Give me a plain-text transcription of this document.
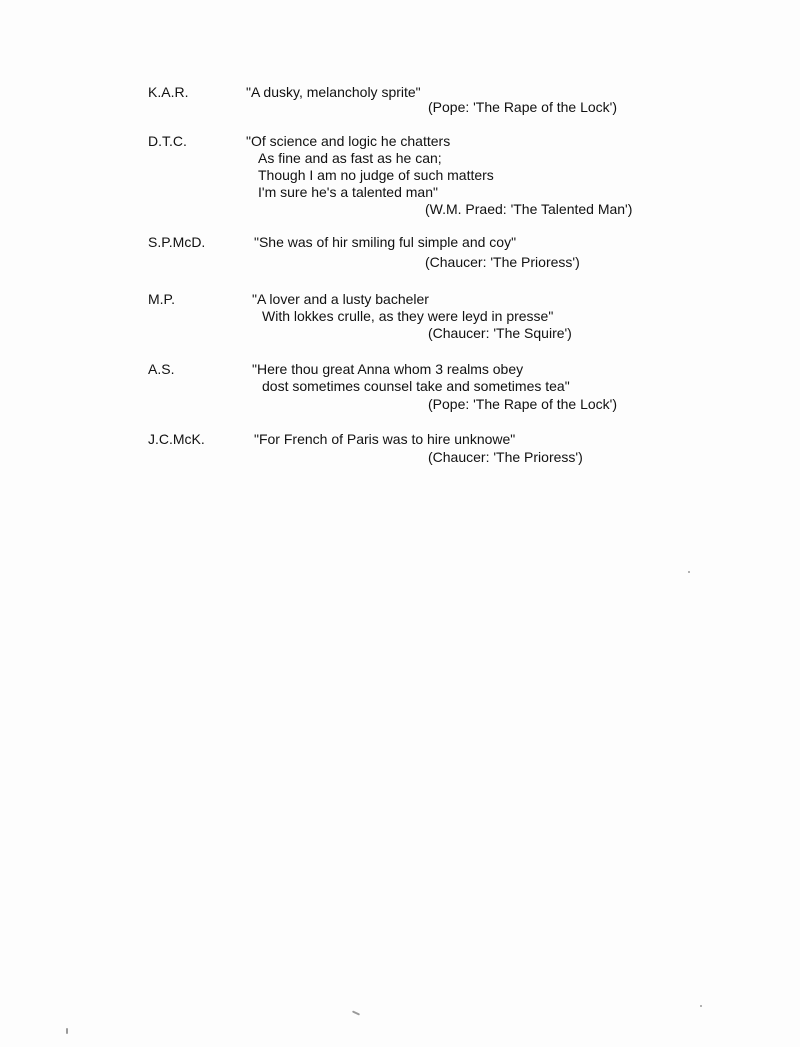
K.A.R.	"A dusky, melancholy sprite"
(Pope: 'The Rape of the Lock')
D.T.C.	"Of science and logic he chatters
As fine and as fast as he can;
Though I am no judge of such matters
I'm sure he's a talented man"
(W.M. Praed: 'The Talented Man')
S.P.McD.	"She was of hir smiling ful simple and coy"
(Chaucer: 'The Prioress')
M.P.	"A lover and a lusty bacheler
With lokkes crulle, as they were leyd in presse"
(Chaucer: 'The Squire')
A.S.	"Here thou great Anna whom 3 realms obey
dost sometimes counsel take and sometimes tea"
(Pope: 'The Rape of the Lock')
J.C.McK.	"For French of Paris was to hire unknowe"
(Chaucer: 'The Prioress')
